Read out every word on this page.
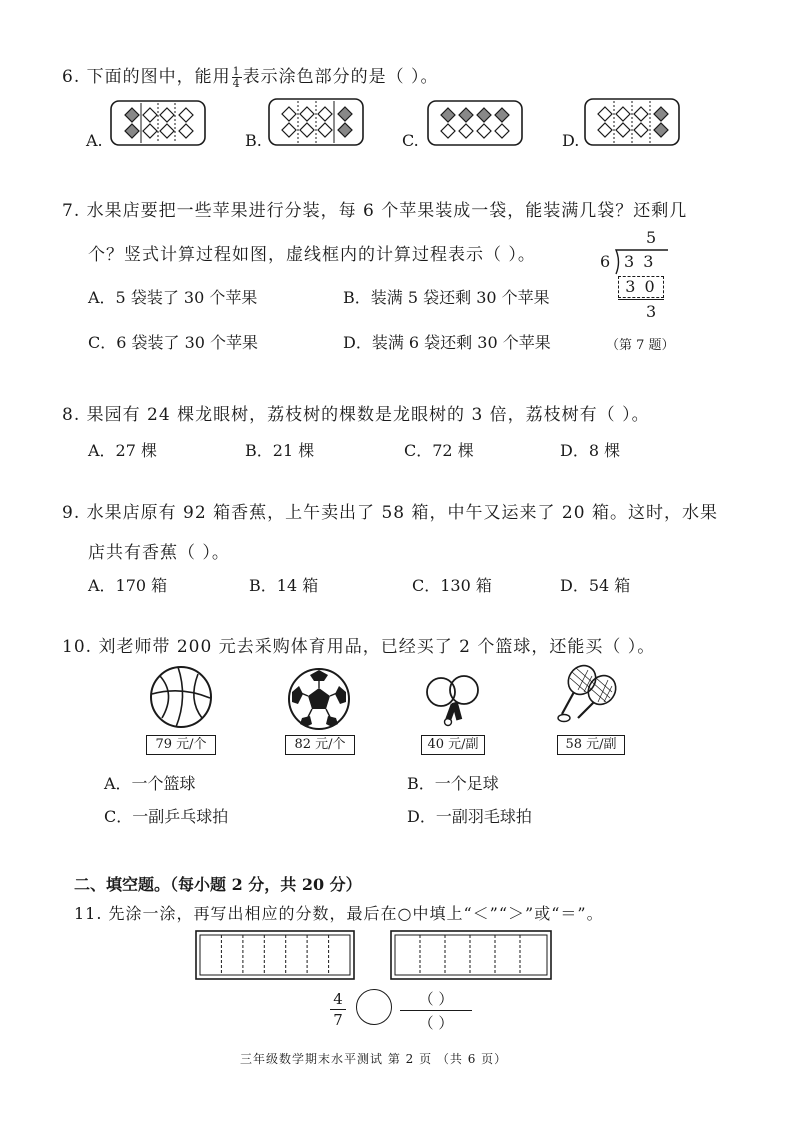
6. 下面的图中，能用 $\frac{1}{4}$ 表示涂色部分的是（ ）。
A.	B.	C.	D.
7. 水果店要把一些苹果进行分装，每 6 个苹果装成一袋，能装满几袋？还剩几
个？竖式计算过程如图，虚线框内的计算过程表示（ ）。
A．5 袋装了 30 个苹果	B．装满 5 袋还剩 30 个苹果
C．6 袋装了 30 个苹果	D．装满 6 袋还剩 30 个苹果
5
6 3 3
3 0
3
（第 7 题）
8. 果园有 24 棵龙眼树，荔枝树的棵数是龙眼树的 3 倍，荔枝树有（ ）。
A．27 棵	B．21 棵	C．72 棵	D．8 棵
9. 水果店原有 92 箱香蕉，上午卖出了 58 箱，中午又运来了 20 箱。这时，水果
店共有香蕉（ ）。
A．170 箱	B．14 箱	C．130 箱	D．54 箱
10. 刘老师带 200 元去采购体育用品，已经买了 2 个篮球，还能买（ ）。
79 元/个	82 元/个	40 元/副	58 元/副
A．一个篮球	B．一个足球
C．一副乒乓球拍	D．一副羽毛球拍
二、填空题。（每小题 2 分，共 20 分）
11. 先涂一涂，再写出相应的分数，最后在○中填上“＜”“＞”或“＝”。
4
7
（ ）
（ ）
三年级数学期末水平测试 第 2 页 （共 6 页）
